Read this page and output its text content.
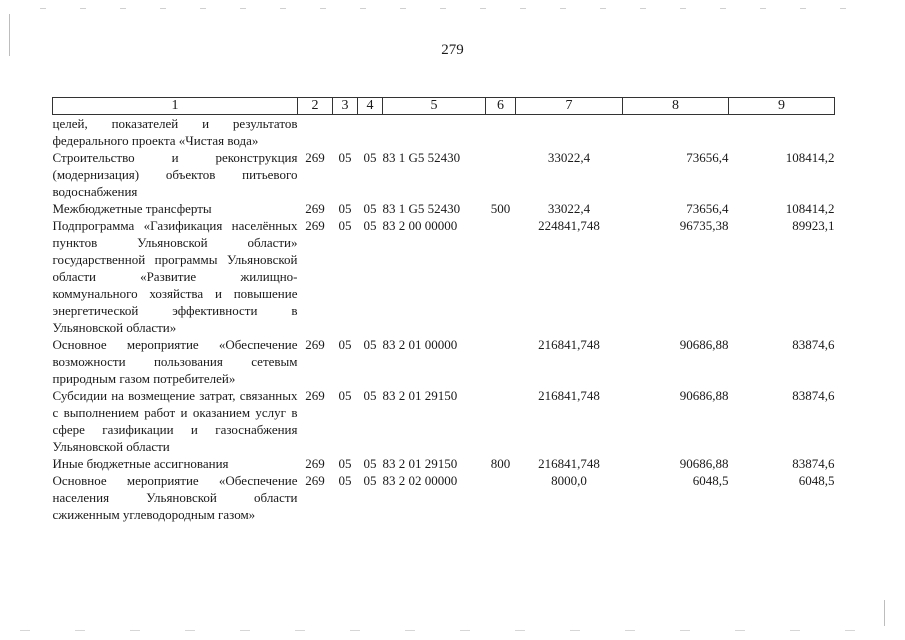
279
1	2	3	4	5	6	7	8	9
целей, показателей и результатов федерального проекта «Чистая вода»								
Строительство и реконструкция (модернизация) объектов питьевого водоснабжения	269	05	05	83 1 G5 52430		33022,4	73656,4	108414,2
Межбюджетные трансферты	269	05	05	83 1 G5 52430	500	33022,4	73656,4	108414,2
Подпрограмма «Газификация населённых пунктов Ульяновской области» государственной программы Ульяновской области «Развитие жилищно-коммунального хозяйства и повышение энергетической эффективности в Ульяновской области»	269	05	05	83 2 00 00000		224841,748	96735,38	89923,1
Основное мероприятие «Обеспечение возможности пользования сетевым природным газом потребителей»	269	05	05	83 2 01 00000		216841,748	90686,88	83874,6
Субсидии на возмещение затрат, связанных с выполнением работ и оказанием услуг в сфере газификации и газоснабжения Ульяновской области	269	05	05	83 2 01 29150		216841,748	90686,88	83874,6
Иные бюджетные ассигнования	269	05	05	83 2 01 29150	800	216841,748	90686,88	83874,6
Основное мероприятие «Обеспечение населения Ульяновской области сжиженным углеводородным газом»	269	05	05	83 2 02 00000		8000,0	6048,5	6048,5
